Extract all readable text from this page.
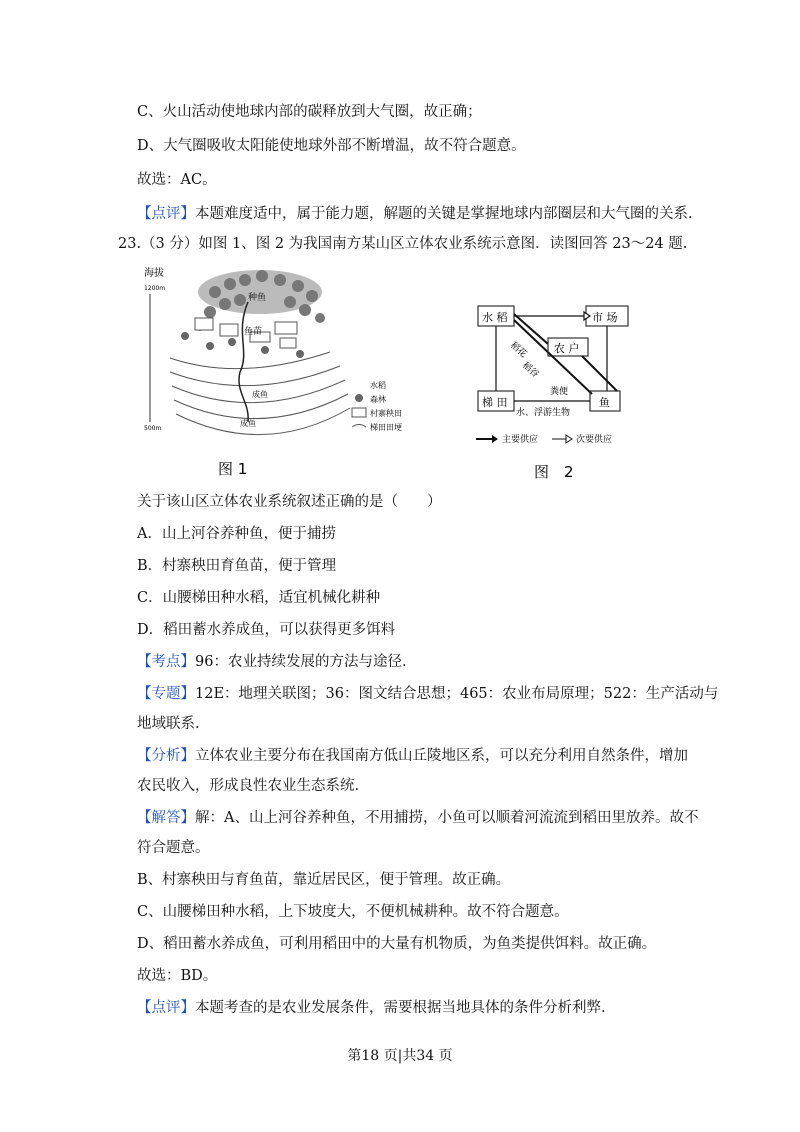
C、火山活动使地球内部的碳释放到大气圈，故正确；
D、大气圈吸收太阳能使地球外部不断增温，故不符合题意。
故选：AC。
【点评】本题难度适中，属于能力题，解题的关键是掌握地球内部圈层和大气圈的关系.
23.（3 分）如图 1、图 2 为我国南方某山区立体农业系统示意图．读图回答 23～24 题.
海拔
1200m
500m
种鱼
鱼苗
成鱼
成鱼
水稻
森林
村寨秧田
梯田田埂
图 1
水 稻	市 场
农 户
梯 田	鱼
稻花
稻谷
粪便
水、浮游生物
主要供应	次要供应
图　2
关于该山区立体农业系统叙述正确的是（　　）
A．山上河谷养种鱼，便于捕捞
B．村寨秧田育鱼苗，便于管理
C．山腰梯田种水稻，适宜机械化耕种
D．稻田蓄水养成鱼，可以获得更多饵料
【考点】96：农业持续发展的方法与途径.
【专题】12E：地理关联图；36：图文结合思想；465：农业布局原理；522：生产活动与
地域联系.
【分析】立体农业主要分布在我国南方低山丘陵地区系，可以充分利用自然条件，增加
农民收入，形成良性农业生态系统.
【解答】解：A、山上河谷养种鱼，不用捕捞，小鱼可以顺着河流流到稻田里放养。故不
符合题意。
B、村寨秧田与育鱼苗，靠近居民区，便于管理。故正确。
C、山腰梯田种水稻，上下坡度大，不便机械耕种。故不符合题意。
D、稻田蓄水养成鱼，可利用稻田中的大量有机物质，为鱼类提供饵料。故正确。
故选：BD。
【点评】本题考查的是农业发展条件，需要根据当地具体的条件分析利弊.
第18 页|共34 页
